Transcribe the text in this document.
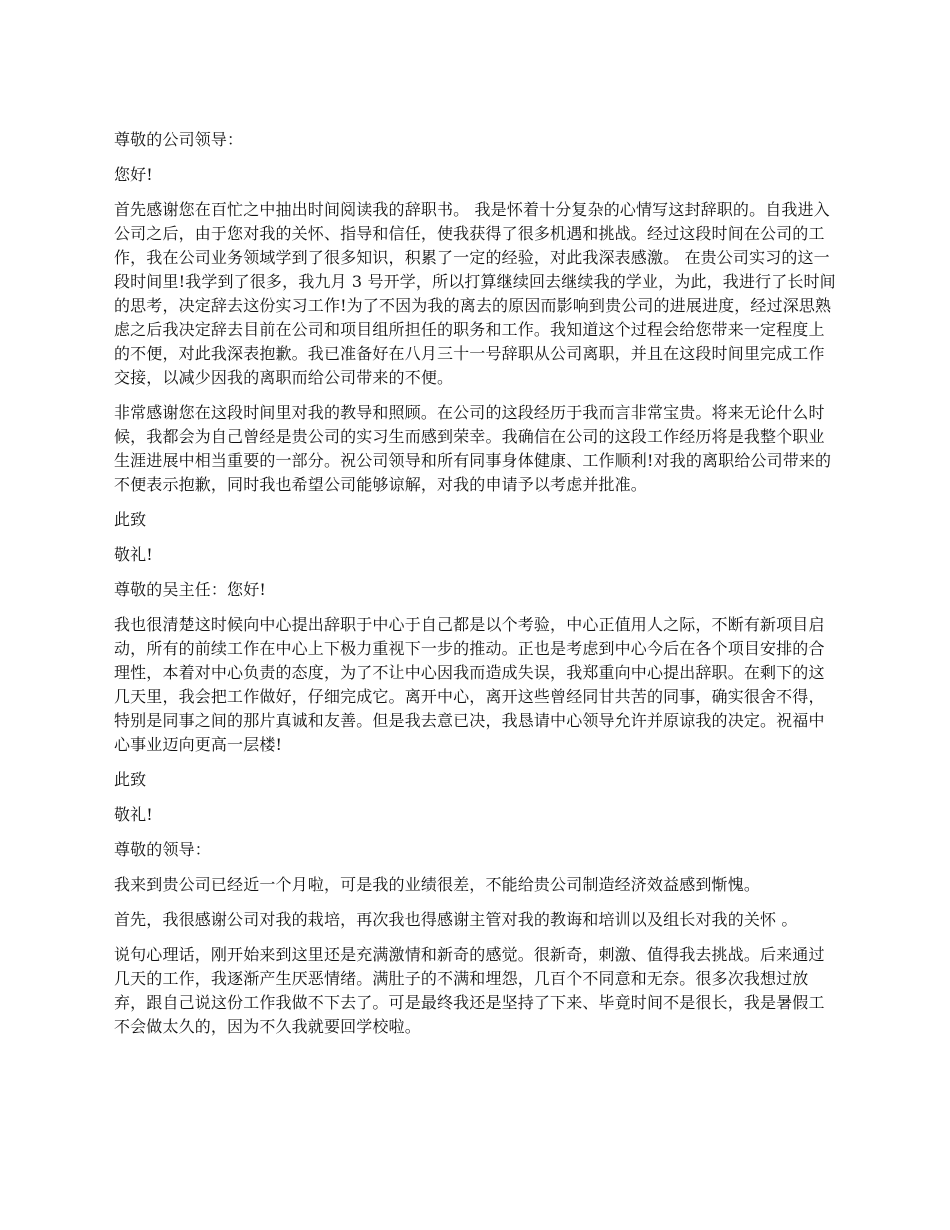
尊敬的公司领导：

您好!

首先感谢您在百忙之中抽出时间阅读我的辞职书。 我是怀着十分复杂的心情写这封辞职的。自我进入公司之后，由于您对我的关怀、指导和信任，使我获得了很多机遇和挑战。经过这段时间在公司的工作，我在公司业务领域学到了很多知识，积累了一定的经验，对此我深表感激。 在贵公司实习的这一段时间里!我学到了很多，我九月 3 号开学，所以打算继续回去继续我的学业，为此，我进行了长时间的思考，决定辞去这份实习工作!为了不因为我的离去的原因而影响到贵公司的进展进度，经过深思熟虑之后我决定辞去目前在公司和项目组所担任的职务和工作。我知道这个过程会给您带来一定程度上的不便，对此我深表抱歉。我已准备好在八月三十一号辞职从公司离职，并且在这段时间里完成工作交接，以减少因我的离职而给公司带来的不便。

非常感谢您在这段时间里对我的教导和照顾。在公司的这段经历于我而言非常宝贵。将来无论什么时候，我都会为自己曾经是贵公司的实习生而感到荣幸。我确信在公司的这段工作经历将是我整个职业生涯进展中相当重要的一部分。祝公司领导和所有同事身体健康、工作顺利!对我的离职给公司带来的不便表示抱歉，同时我也希望公司能够谅解，对我的申请予以考虑并批准。

此致

敬礼!

尊敬的吴主任：您好!

我也很清楚这时候向中心提出辞职于中心于自己都是以个考验，中心正值用人之际，不断有新项目启动，所有的前续工作在中心上下极力重视下一步的推动。正也是考虑到中心今后在各个项目安排的合理性，本着对中心负责的态度，为了不让中心因我而造成失误，我郑重向中心提出辞职。在剩下的这几天里，我会把工作做好，仔细完成它。离开中心，离开这些曾经同甘共苦的同事，确实很舍不得，特别是同事之间的那片真诚和友善。但是我去意已决，我恳请中心领导允许并原谅我的决定。祝福中心事业迈向更高一层楼!

此致

敬礼!

尊敬的领导：

我来到贵公司已经近一个月啦，可是我的业绩很差，不能给贵公司制造经济效益感到惭愧。

首先，我很感谢公司对我的栽培，再次我也得感谢主管对我的教诲和培训以及组长对我的关怀 。

说句心理话，刚开始来到这里还是充满激情和新奇的感觉。很新奇，刺激、值得我去挑战。后来通过几天的工作，我逐渐产生厌恶情绪。满肚子的不满和埋怨，几百个不同意和无奈。很多次我想过放弃，跟自己说这份工作我做不下去了。可是最终我还是坚持了下来、毕竟时间不是很长，我是暑假工不会做太久的，因为不久我就要回学校啦。
